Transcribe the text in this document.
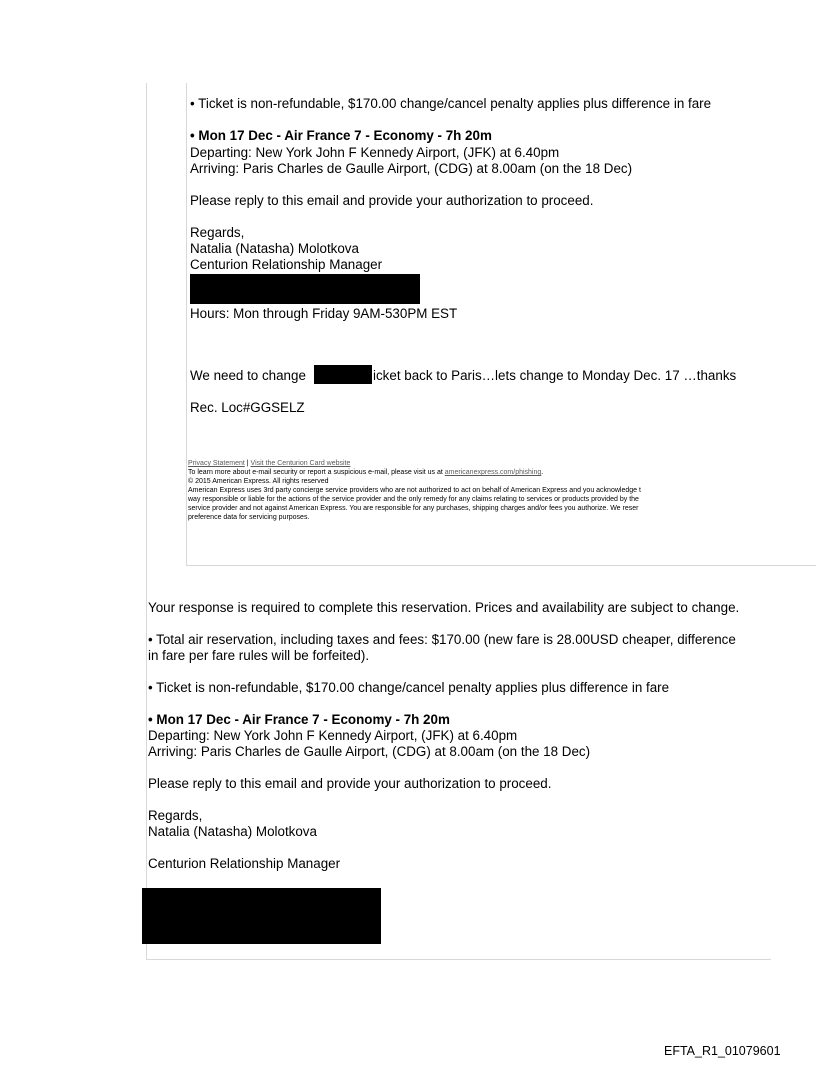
• Ticket is non-refundable, $170.00 change/cancel penalty applies plus difference in fare
• Mon 17 Dec - Air France 7 - Economy - 7h 20m
Departing: New York John F Kennedy Airport, (JFK) at 6.40pm
Arriving: Paris Charles de Gaulle Airport, (CDG) at 8.00am (on the 18 Dec)
Please reply to this email and provide your authorization to proceed.
Regards,
Natalia (Natasha) Molotkova
Centurion Relationship Manager
Hours: Mon through Friday 9AM-530PM EST
We need to change	icket back to Paris…lets change to Monday Dec. 17 …thanks
Rec. Loc#GGSELZ
Privacy Statement | Visit the Centurion Card website
To learn more about e-mail security or report a suspicious e-mail, please visit us at americanexpress.com/phishing.
© 2015 American Express. All rights reserved
American Express uses 3rd party concierge service providers who are not authorized to act on behalf of American Express and you acknowledge t
way responsible or liable for the actions of the service provider and the only remedy for any claims relating to services or products provided by the
service provider and not against American Express. You are responsible for any purchases, shipping charges and/or fees you authorize. We reser
preference data for servicing purposes.
Your response is required to complete this reservation. Prices and availability are subject to change.
• Total air reservation, including taxes and fees: $170.00 (new fare is 28.00USD cheaper, difference
in fare per fare rules will be forfeited).
• Ticket is non-refundable, $170.00 change/cancel penalty applies plus difference in fare
• Mon 17 Dec - Air France 7 - Economy - 7h 20m
Departing: New York John F Kennedy Airport, (JFK) at 6.40pm
Arriving: Paris Charles de Gaulle Airport, (CDG) at 8.00am (on the 18 Dec)
Please reply to this email and provide your authorization to proceed.
Regards,
Natalia (Natasha) Molotkova
Centurion Relationship Manager
EFTA_R1_01079601
